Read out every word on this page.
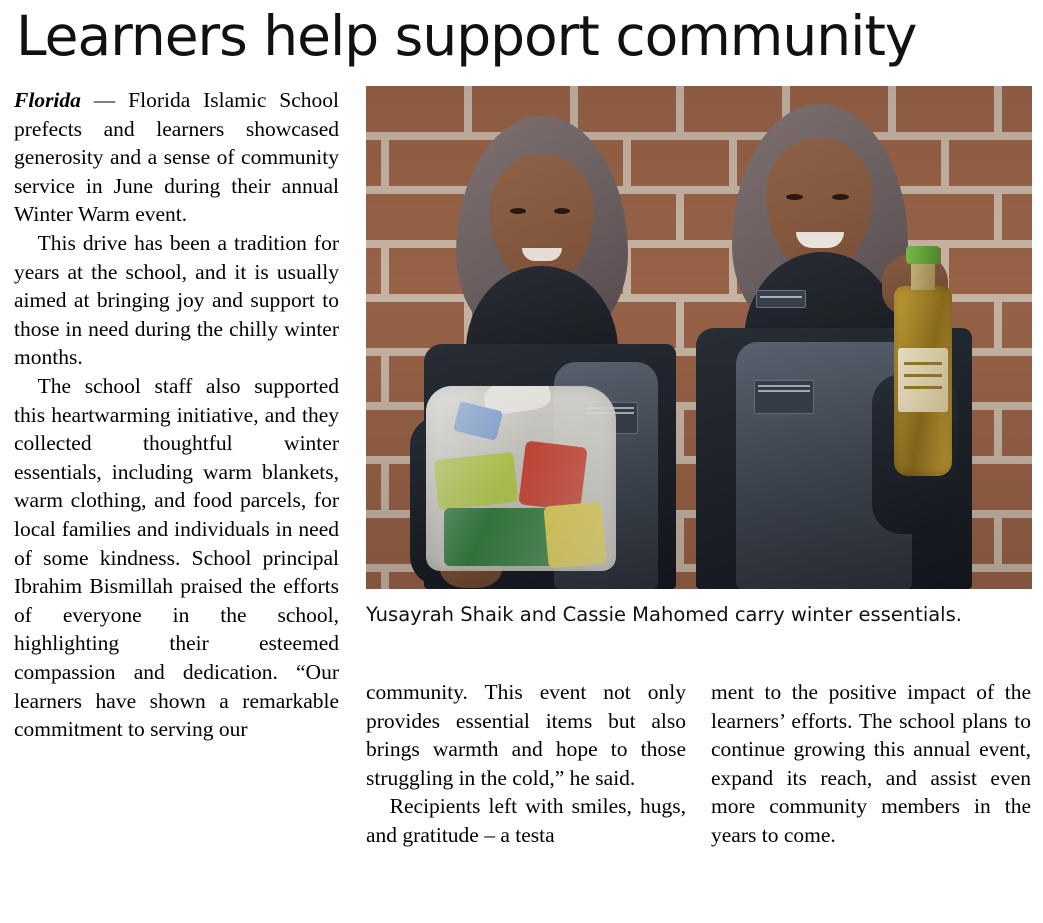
Learners help support community

Florida — Florida Islamic School prefects and learners showcased generosity and a sense of community service in June during their annual Winter Warm event.

This drive has been a tradition for years at the school, and it is usually aimed at bringing joy and support to those in need during the chilly winter months.

The school staff also supported this heartwarming initiative, and they collected thoughtful winter essentials, including warm blankets, warm clothing, and food parcels, for local families and individuals in need of some kindness. School principal Ibrahim Bismillah praised the efforts of everyone in the school, highlighting their esteemed compassion and dedication. “Our learners have shown a remarkable commitment to serving our

Yusayrah Shaik and Cassie Mahomed carry winter essentials.

community. This event not only provides essential items but also brings warmth and hope to those struggling in the cold,” he said.

Recipients left with smiles, hugs, and gratitude – a testa

ment to the positive impact of the learners’ efforts. The school plans to continue growing this annual event, expand its reach, and assist even more community members in the years to come.
